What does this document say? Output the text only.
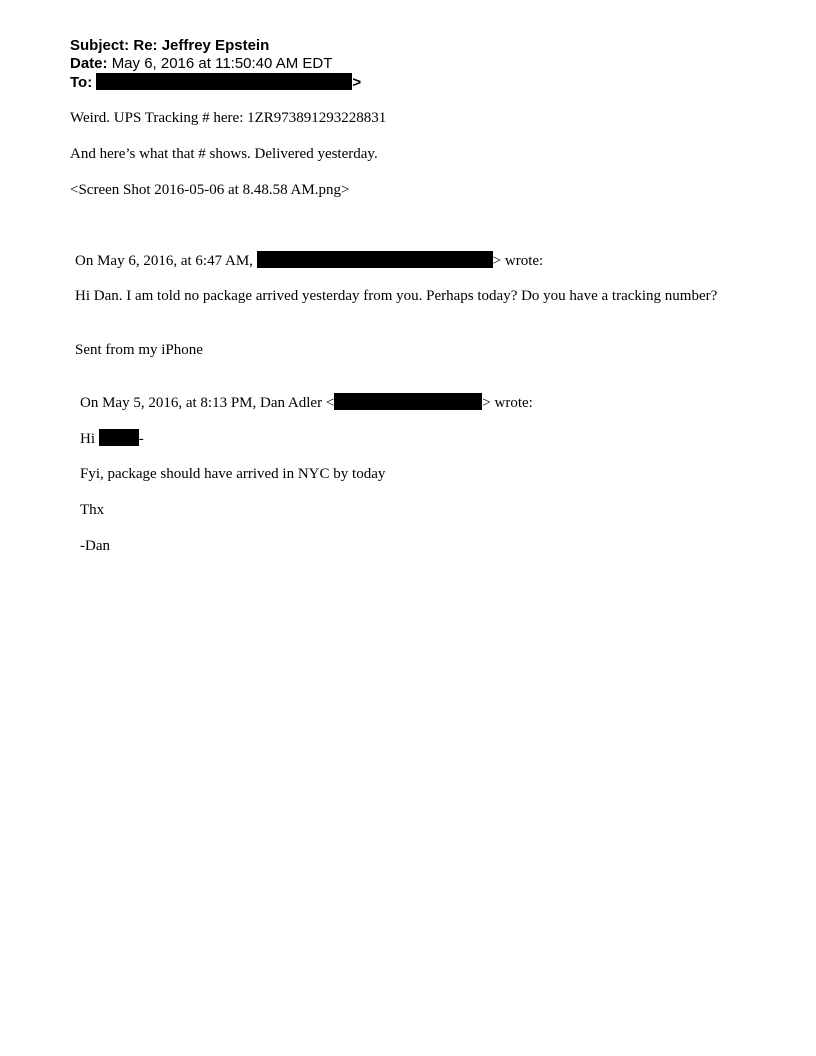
Subject: Re: Jeffrey Epstein
Date: May 6, 2016 at 11:50:40 AM EDT
To:	>
Weird. UPS Tracking # here: 1ZR973891293228831
And here’s what that # shows. Delivered yesterday.
<Screen Shot 2016-05-06 at 8.48.58 AM.png>
On May 6, 2016, at 6:47 AM,	> wrote:
Hi Dan. I am told no package arrived yesterday from you. Perhaps today? Do you have a tracking number?
Sent from my iPhone
On May 5, 2016, at 8:13 PM, Dan Adler <	> wrote:
Hi	-
Fyi, package should have arrived in NYC by today
Thx
-Dan
